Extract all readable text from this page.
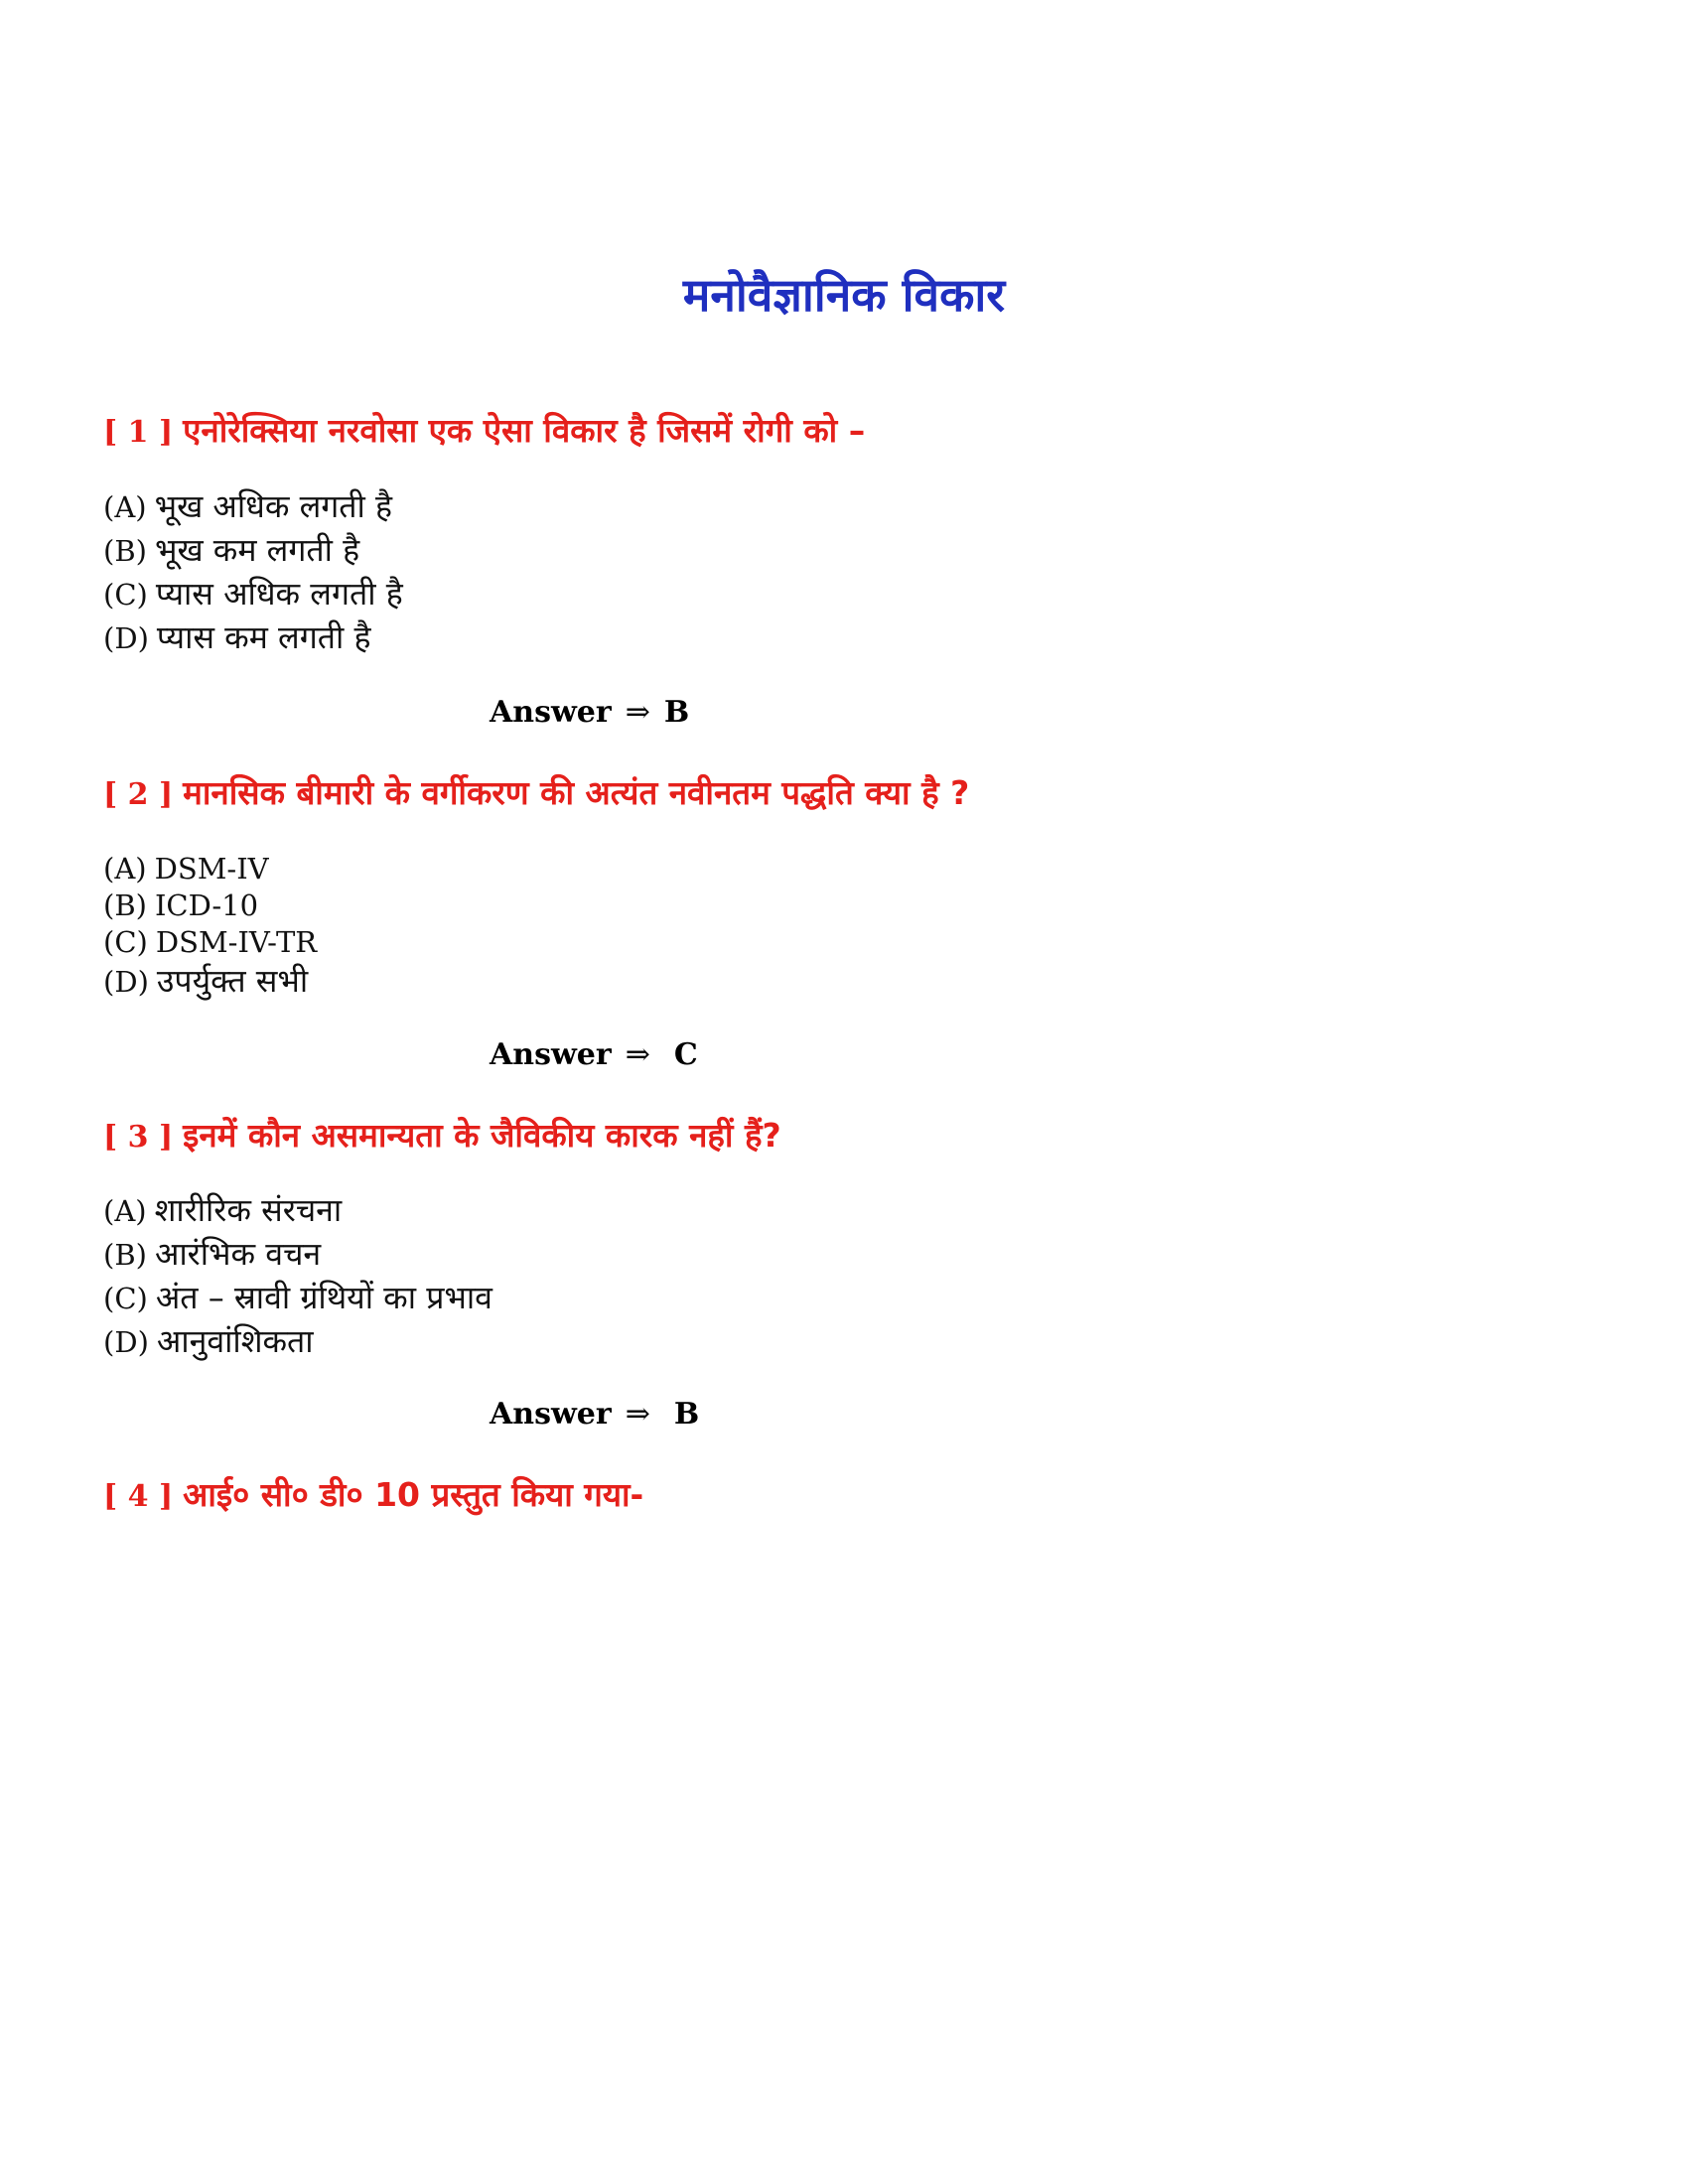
मनोवैज्ञानिक विकार
[ 1 ] एनोरेक्सिया नरवोसा एक ऐसा विकार है जिसमें रोगी को –
(A) भूख अधिक लगती है
(B) भूख कम लगती है
(C) प्यास अधिक लगती है
(D) प्यास कम लगती है
Answer ⇒ B
[ 2 ] मानसिक बीमारी के वर्गीकरण की अत्यंत नवीनतम पद्धति क्या है ?
(A) DSM-IV
(B) ICD-10
(C) DSM-IV-TR
(D) उपर्युक्त सभी
Answer ⇒ C
[ 3 ] इनमें कौन असमान्यता के जैविकीय कारक नहीं हैं?
(A) शारीरिक संरचना
(B) आरंभिक वचन
(C) अंत – स्रावी ग्रंथियों का प्रभाव
(D) आनुवांशिकता
Answer ⇒ B
[ 4 ] आई० सी० डी० 10 प्रस्तुत किया गया-
